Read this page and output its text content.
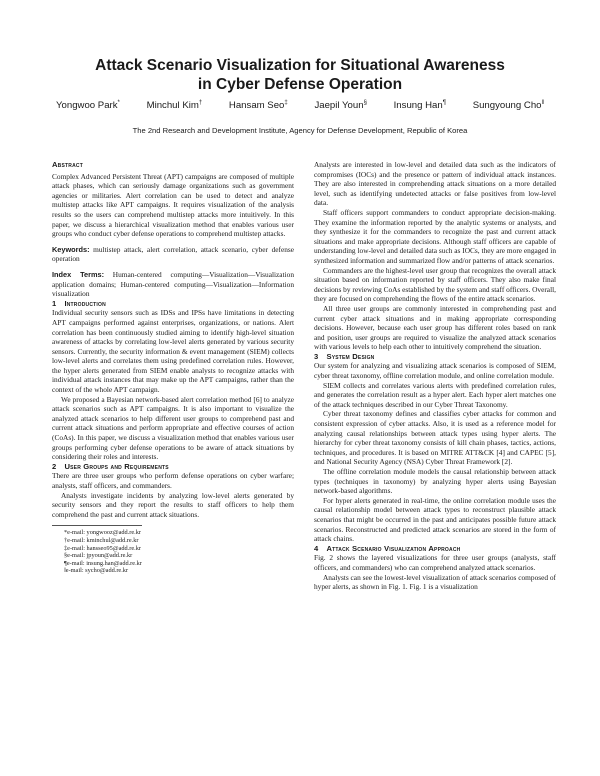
Attack Scenario Visualization for Situational Awareness
in Cyber Defense Operation
Yongwoo Park*	Minchul Kim†	Hansam Seo‡	Jaepil Youn§	Insung Han¶	Sungyoung Cho‖
The 2nd Research and Development Institute, Agency for Defense Development, Republic of Korea
Abstract

Complex Advanced Persistent Threat (APT) campaigns are composed of multiple attack phases, which can seriously damage organizations such as government agencies or militaries. Alert correlation can be used to detect and analyze multistep attacks like APT campaigns. It requires visualization of the analysis results so the users can comprehend multistep attacks more intuitively. In this paper, we discuss a hierarchical visualization method that enables various user groups who conduct cyber defense operations to comprehend multistep attacks.

Keywords: multistep attack, alert correlation, attack scenario, cyber defense operation

Index Terms: Human-centered computing—Visualization—Visualization application domains; Human-centered computing—Visualization—Information visualization

1 Introduction

Individual security sensors such as IDSs and IPSs have limitations in detecting APT campaigns performed against enterprises, organizations, or nations. Alert correlation has been continuously studied aiming to identify high-level situation awareness of attacks by correlating low-level alerts generated by various security sensors. Currently, the security information & event management (SIEM) collects low-level alerts and correlates them using predefined correlation rules. However, the hyper alerts generated from SIEM enable analysts to recognize attacks with individual attack instances that may make up the APT campaigns, rather than the context of the whole APT campaign.

We proposed a Bayesian network-based alert correlation method [6] to analyze attack scenarios such as APT campaigns. It is also important to visualize the analyzed attack scenarios to help different user groups to comprehend past and current attack situations and perform appropriate and effective courses of action (CoAs). In this paper, we discuss a visualization method that enables various user groups performing cyber defense operations to be aware of attack situations by considering their roles and interests.

2 User Groups and Requirements

There are three user groups who perform defense operations on cyber warfare; analysts, staff officers, and commanders.

Analysts investigate incidents by analyzing low-level alerts generated by security sensors and they report the results to staff officers to help them comprehend the past and current attack situations.

*e-mail: yongwooz@add.re.kr
†e-mail: kminchul@add.re.kr
‡e-mail: hansseo95@add.re.kr
§e-mail: jpyoun@add.re.kr
¶e-mail: insung.han@add.re.kr
‖e-mail: sycho@add.re.kr

Analysts are interested in low-level and detailed data such as the indicators of compromises (IOCs) and the presence or pattern of individual attack instances. They are also interested in comprehending attack situations on a more detailed level, such as identifying undetected attacks or false positives from low-level data.

Staff officers support commanders to conduct appropriate decision-making. They examine the information reported by the analytic systems or analysts, and they synthesize it for the commanders to recognize the past and current attack situations and make appropriate decisions. Although staff officers are capable of understanding low-level and detailed data such as IOCs, they are more engaged in synthesized information and summarized flow and/or patterns of attack scenarios.

Commanders are the highest-level user group that recognizes the overall attack situation based on information reported by staff officers. They also make final decisions by reviewing CoAs established by the system and staff officers. Overall, they are focused on comprehending the flows of the entire attack scenarios.

All three user groups are commonly interested in comprehending past and current cyber attack situations and in making appropriate corresponding decisions. However, because each user group has different roles based on rank and position, user groups are required to visualize the analyzed attack scenarios with various levels to help each other to intuitively comprehend the situation.

3 System Design

Our system for analyzing and visualizing attack scenarios is composed of SIEM, cyber threat taxonomy, offline correlation module, and online correlation module.

SIEM collects and correlates various alerts with predefined correlation rules, and generates the correlation result as a hyper alert. Each hyper alert matches one of the attack techniques described in our Cyber Threat Taxonomy.

Cyber threat taxonomy defines and classifies cyber attacks for common and consistent expression of cyber attacks. Also, it is used as a reference model for analyzing causal relationships between attack types using hyper alerts. The hierarchy for cyber threat taxonomy consists of kill chain phases, tactics, actions, techniques, and procedures. It is based on MITRE ATT&CK [4] and CAPEC [5], and National Security Agency (NSA) Cyber Threat Framework [2].

The offline correlation module models the causal relationship between attack types (techniques in taxonomy) by analyzing hyper alerts using Bayesian network-based algorithms.

For hyper alerts generated in real-time, the online correlation module uses the causal relationship model between attack types to reconstruct plausible attack scenarios that might be occurred in the past and anticipates possible future attack scenarios. Reconstructed and predicted attack scenarios are stored in the form of attack chains.

4 Attack Scenario Visualization Approach

Fig. 2 shows the layered visualizations for three user groups (analysts, staff officers, and commanders) who can comprehend analyzed attack scenarios.

Analysts can see the lowest-level visualization of attack scenarios composed of hyper alerts, as shown in Fig. 1. Fig. 1 is a visualization
